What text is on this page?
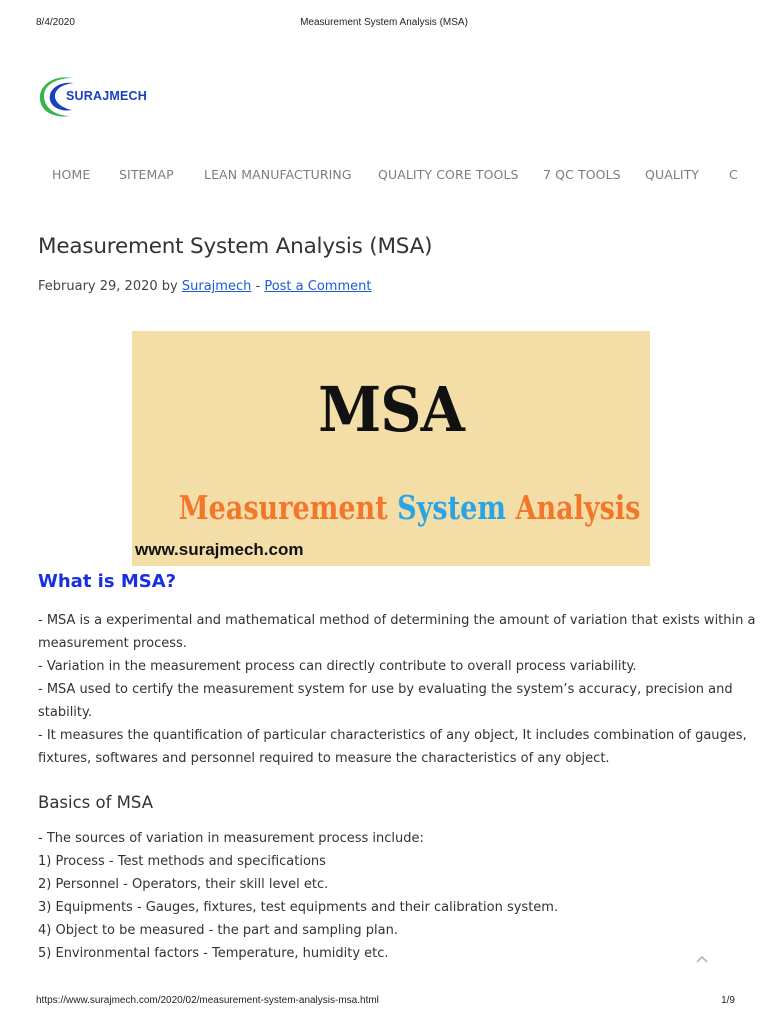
8/4/2020	Measurement System Analysis (MSA)
SURAJMECH
HOME SITEMAP LEAN MANUFACTURING QUALITY CORE TOOLS 7 QC TOOLS QUALITY C
Measurement System Analysis (MSA)
February 29, 2020 by Surajmech - Post a Comment
MSA
Measurement System Analysis
www.surajmech.com
What is MSA?
- MSA is a experimental and mathematical method of determining the amount of variation that exists within a
measurement process.
- Variation in the measurement process can directly contribute to overall process variability.
- MSA used to certify the measurement system for use by evaluating the system’s accuracy, precision and
stability.
- It measures the quantification of particular characteristics of any object, It includes combination of gauges,
fixtures, softwares and personnel required to measure the characteristics of any object.
Basics of MSA
- The sources of variation in measurement process include:
1) Process - Test methods and specifications
2) Personnel - Operators, their skill level etc.
3) Equipments - Gauges, fixtures, test equipments and their calibration system.
4) Object to be measured - the part and sampling plan.
5) Environmental factors - Temperature, humidity etc.
https://www.surajmech.com/2020/02/measurement-system-analysis-msa.html	1/9
